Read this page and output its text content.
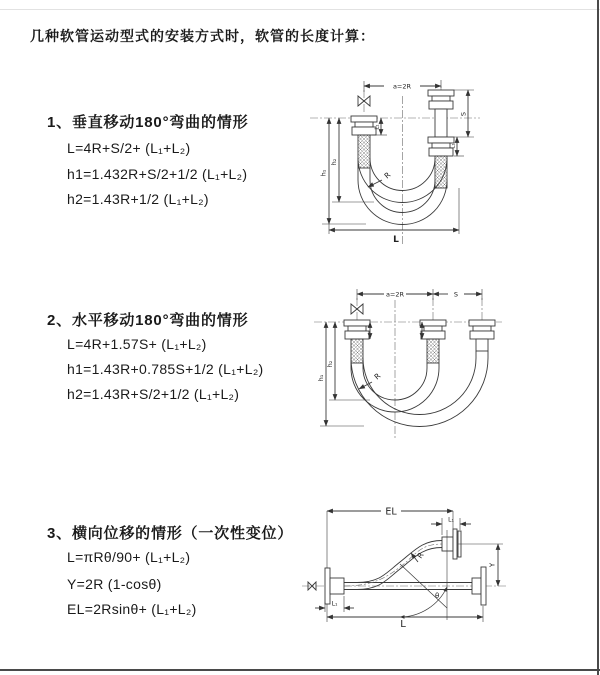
几种软管运动型式的安装方式时，软管的长度计算：
1、垂直移动180°弯曲的情形
L=4R+S/2+ (L₁+L₂)
h1=1.432R+S/2+1/2 (L₁+L₂)
h2=1.43R+1/2 (L₁+L₂)
2、水平移动180°弯曲的情形
L=4R+1.57S+ (L₁+L₂)
h1=1.43R+0.785S+1/2 (L₁+L₂)
h2=1.43R+S/2+1/2 (L₁+L₂)
3、横向位移的情形（一次性变位）
L=πRθ/90+ (L₁+L₂)
Y=2R (1-cosθ)
EL=2Rsinθ+ (L₁+L₂)
a=2R
h₁
h₂
L₁
S
L₁
R
L
a=2R	S
h₁
h₂
R
EL
L₁
L₁
Y
R
θ
L
